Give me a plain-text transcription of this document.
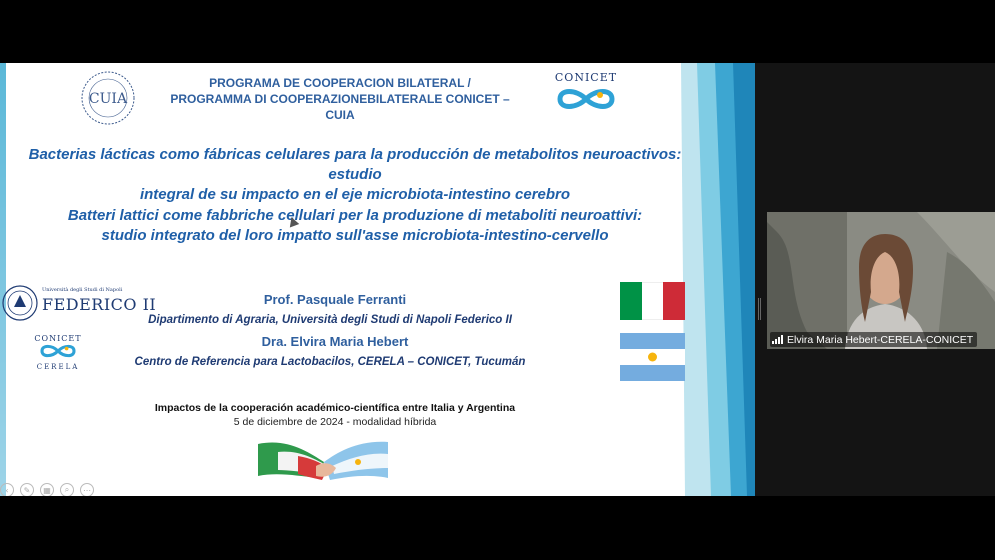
CUIA
PROGRAMA DE COOPERACION BILATERAL /
PROGRAMMA DI COOPERAZIONEBILATERALE CONICET – CUIA
CONICET
Bacterias lácticas como fábricas celulares para la producción de metabolitos neuroactivos: estudio
integral de su impacto en el eje microbiota-intestino cerebro
Batteri lattici come fabbriche cellulari per la produzione di metaboliti neuroattivi:
studio integrato del loro impatto sull'asse microbiota-intestino-cervello
Università degli Studi di Napoli
FEDERICO II
CONICET
CERELA
Prof. Pasquale Ferranti
Dipartimento di Agraria, Università degli Studi di Napoli Federico II
Dra. Elvira Maria Hebert
Centro de Referencia para Lactobacilos, CERELA – CONICET, Tucumán
Impactos de la cooperación académico-científica entre Italia y Argentina
5 de diciembre de 2024 - modalidad híbrida
‹	✎	▦	⌕	⋯
Elvira Maria Hebert-CERELA-CONICET
